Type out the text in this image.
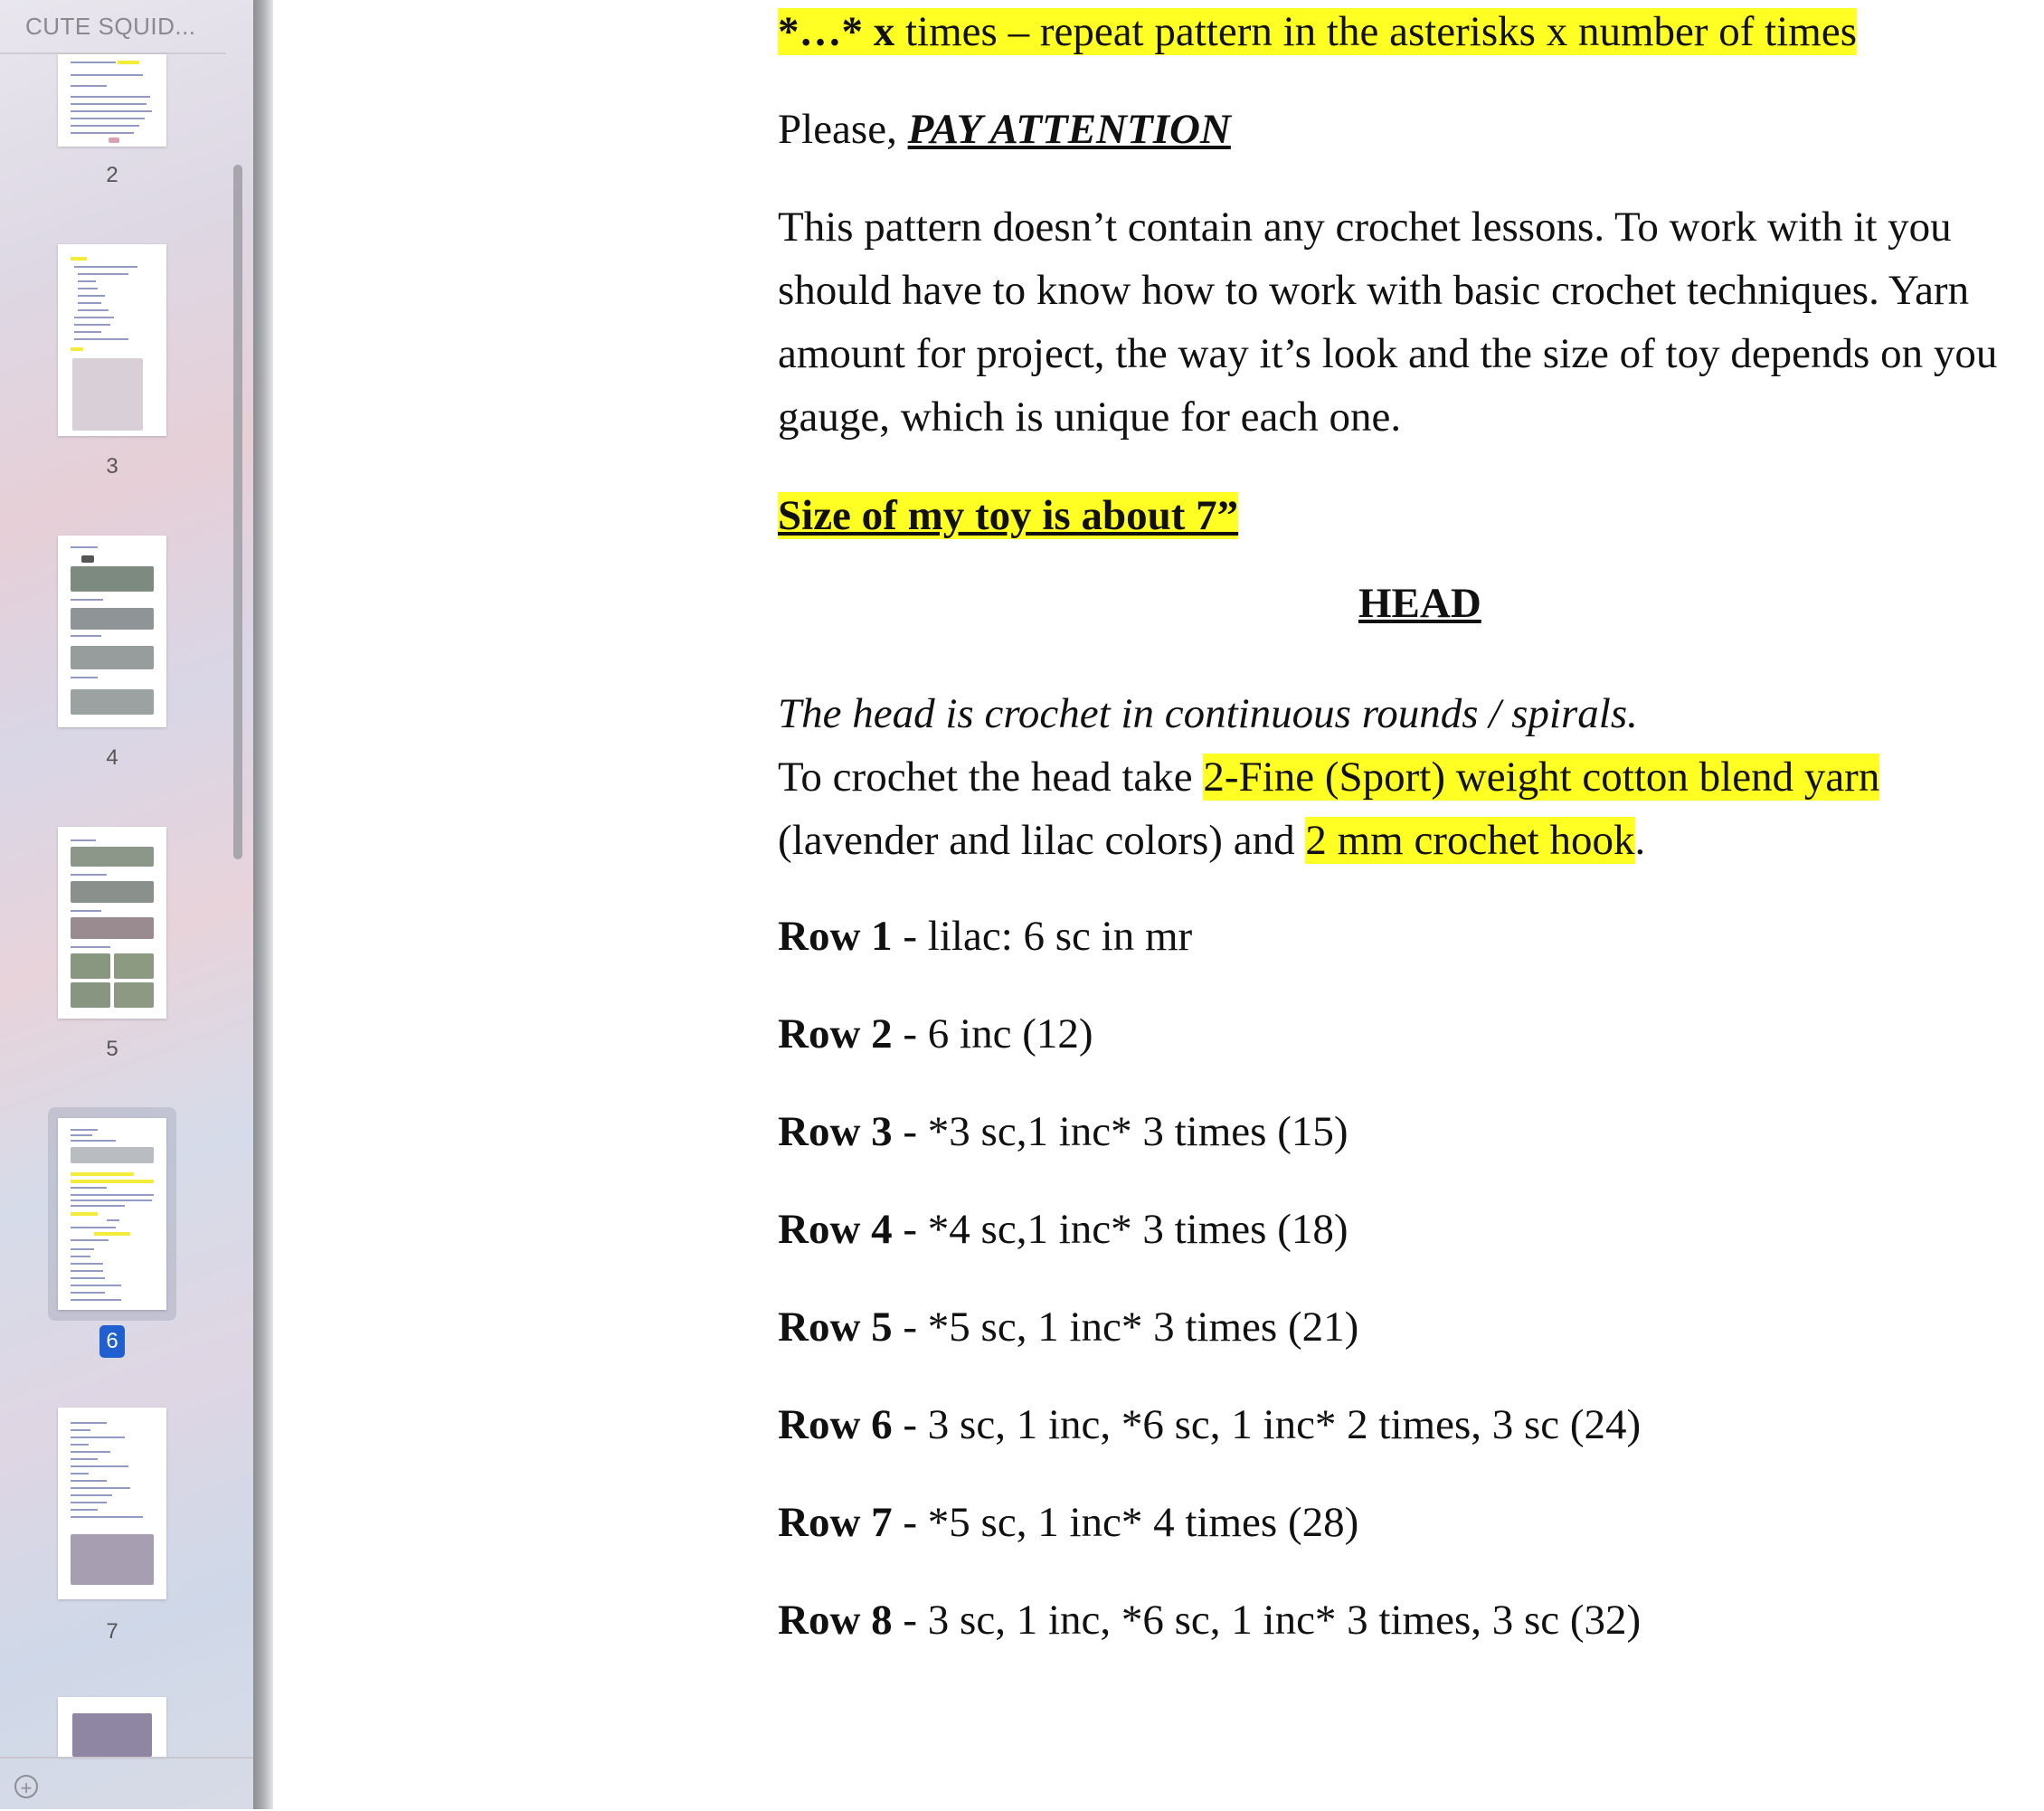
CUTE SQUID...
2
3
4
5
6
7
+

*…* x times – repeat pattern in the asterisks x number of times

Please, PAY ATTENTION

This pattern doesn’t contain any crochet lessons. To work with it you should have to know how to work with basic crochet techniques. Yarn amount for project, the way it’s look and the size of toy depends on you gauge, which is unique for each one.

Size of my toy is about 7”

HEAD

The head is crochet in continuous rounds / spirals.
To crochet the head take 2-Fine (Sport) weight cotton blend yarn (lavender and lilac colors) and 2 mm crochet hook.

Row 1 - lilac: 6 sc in mr

Row 2 - 6 inc (12)

Row 3 - *3 sc,1 inc* 3 times (15)

Row 4 - *4 sc,1 inc* 3 times (18)

Row 5 - *5 sc, 1 inc* 3 times (21)

Row 6 - 3 sc, 1 inc, *6 sc, 1 inc* 2 times, 3 sc (24)

Row 7 - *5 sc, 1 inc* 4 times (28)

Row 8 - 3 sc, 1 inc, *6 sc, 1 inc* 3 times, 3 sc (32)
